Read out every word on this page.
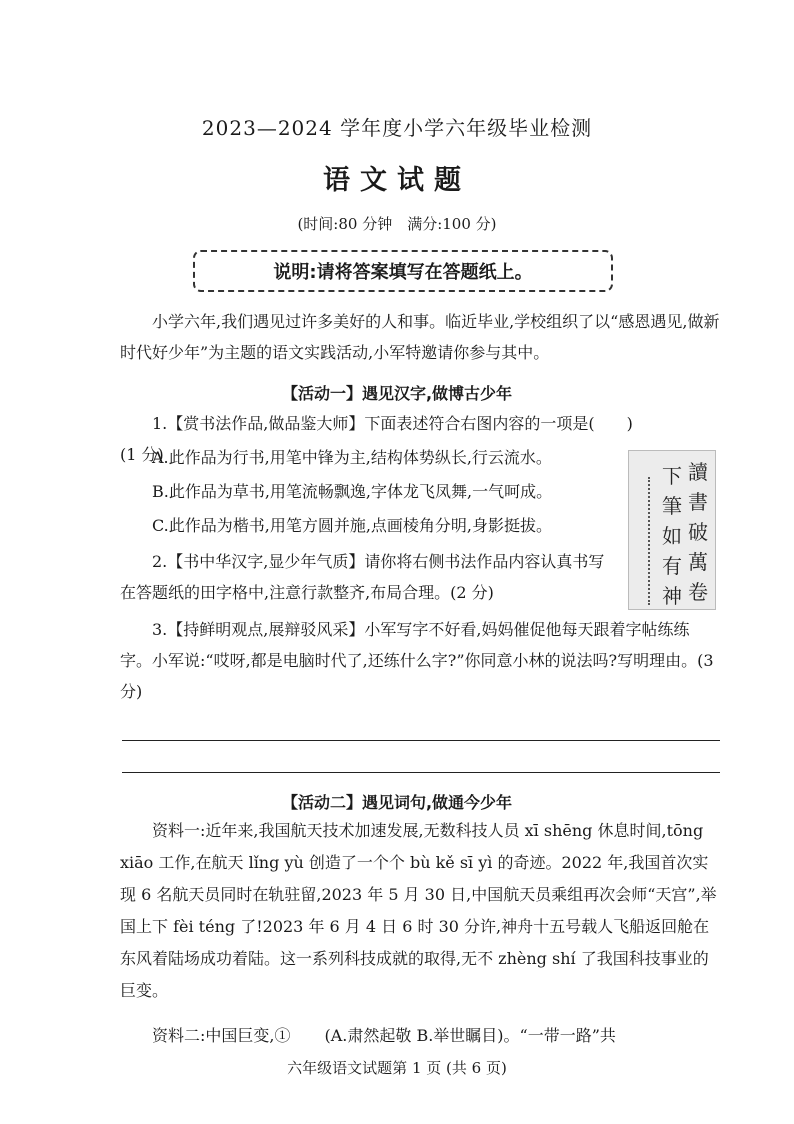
2023—2024 学年度小学六年级毕业检测
语文试题
(时间:80 分钟　满分:100 分)
说明:请将答案填写在答题纸上。
小学六年,我们遇见过许多美好的人和事。临近毕业,学校组织了以“感恩遇见,做新时代好少年”为主题的语文实践活动,小军特邀请你参与其中。
【活动一】遇见汉字,做博古少年
1.【赏书法作品,做品鉴大师】下面表述符合右图内容的一项是(　　)(1 分)
A.此作品为行书,用笔中锋为主,结构体势纵长,行云流水。
B.此作品为草书,用笔流畅飘逸,字体龙飞凤舞,一气呵成。
C.此作品为楷书,用笔方圆并施,点画棱角分明,身影挺拔。
2.【书中华汉字,显少年气质】请你将右侧书法作品内容认真书写在答题纸的田字格中,注意行款整齐,布局合理。(2 分)
讀書破萬卷
下筆如有神
3.【持鲜明观点,展辩驳风采】小军写字不好看,妈妈催促他每天跟着字帖练练字。小军说:“哎呀,都是电脑时代了,还练什么字?”你同意小林的说法吗?写明理由。(3 分)
【活动二】遇见词句,做通今少年
资料一:近年来,我国航天技术加速发展,无数科技人员 xī shēng 休息时间,tōng xiāo 工作,在航天 lǐng yù 创造了一个个 bù kě sī yì 的奇迹。2022 年,我国首次实现 6 名航天员同时在轨驻留,2023 年 5 月 30 日,中国航天员乘组再次会师“天宫”,举国上下 fèi téng 了!2023 年 6 月 4 日 6 时 30 分许,神舟十五号载人飞船返回舱在东风着陆场成功着陆。这一系列科技成就的取得,无不 zhèng shí 了我国科技事业的巨变。
资料二:中国巨变,① (A.肃然起敬 B.举世瞩目)。“一带一路”共
六年级语文试题第 1 页 (共 6 页)
